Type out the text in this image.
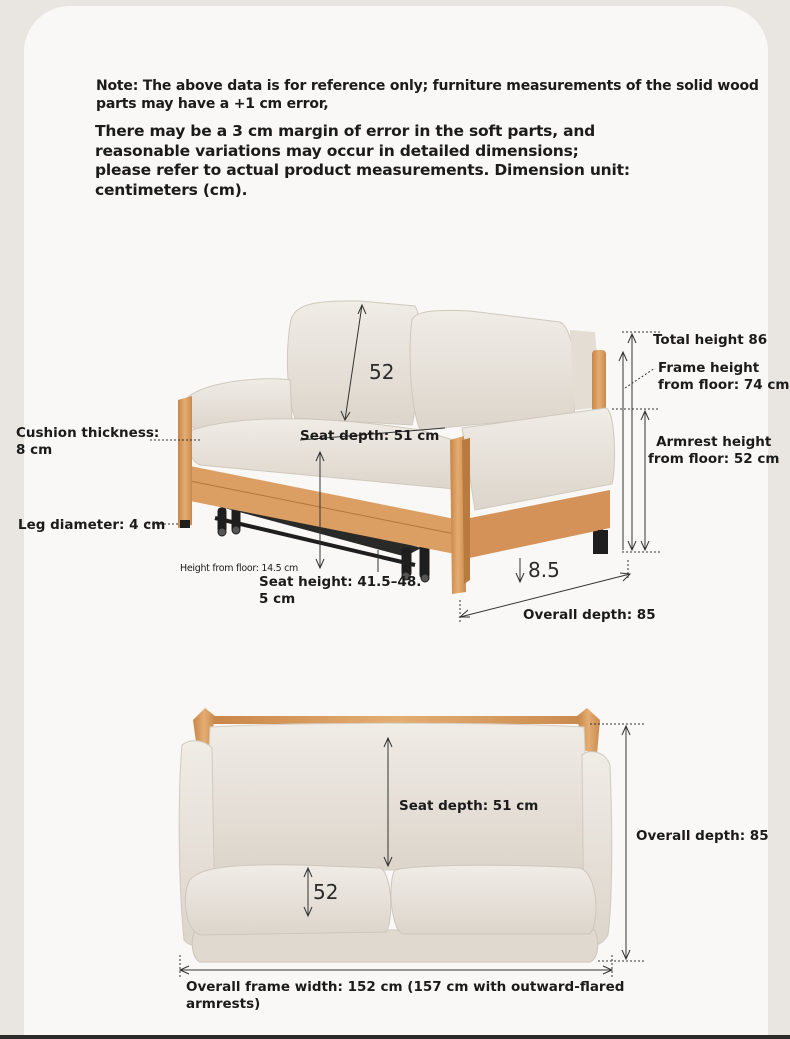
Note: The above data is for reference only; furniture measurements of the solid wood parts may have a +1 cm error,
There may be a 3 cm margin of error in the soft parts, and reasonable variations may occur in detailed dimensions; please refer to actual product measurements. Dimension unit: centimeters (cm).
52
Seat depth: 51 cm
Cushion thickness:
8 cm
Leg diameter: 4 cm
Height from floor: 14.5 cm
Seat height: 41.5–48.
5 cm
8.5
Overall depth: 85
Total height 86
Frame height
from floor: 74 cm
Armrest height
from floor: 52 cm
Seat depth: 51 cm
52
Overall depth: 85
Overall frame width: 152 cm (157 cm with outward-flared
armrests)
